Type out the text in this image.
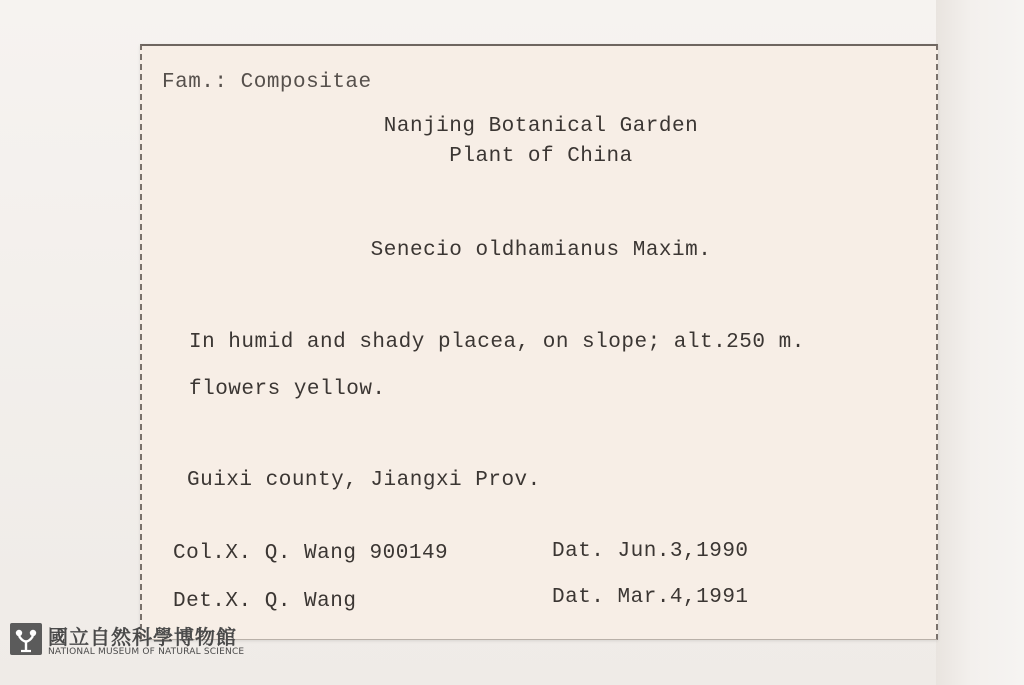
Fam.: Compositae
Nanjing Botanical Garden
Plant of China
Senecio oldhamianus Maxim.
In humid and shady placea, on slope; alt.250 m.
flowers yellow.
Guixi county, Jiangxi Prov.
Col.X. Q. Wang 900149	Dat. Jun.3,1990
Det.X. Q. Wang	Dat. Mar.4,1991
國立自然科學博物館
NATIONAL MUSEUM OF NATURAL SCIENCE
